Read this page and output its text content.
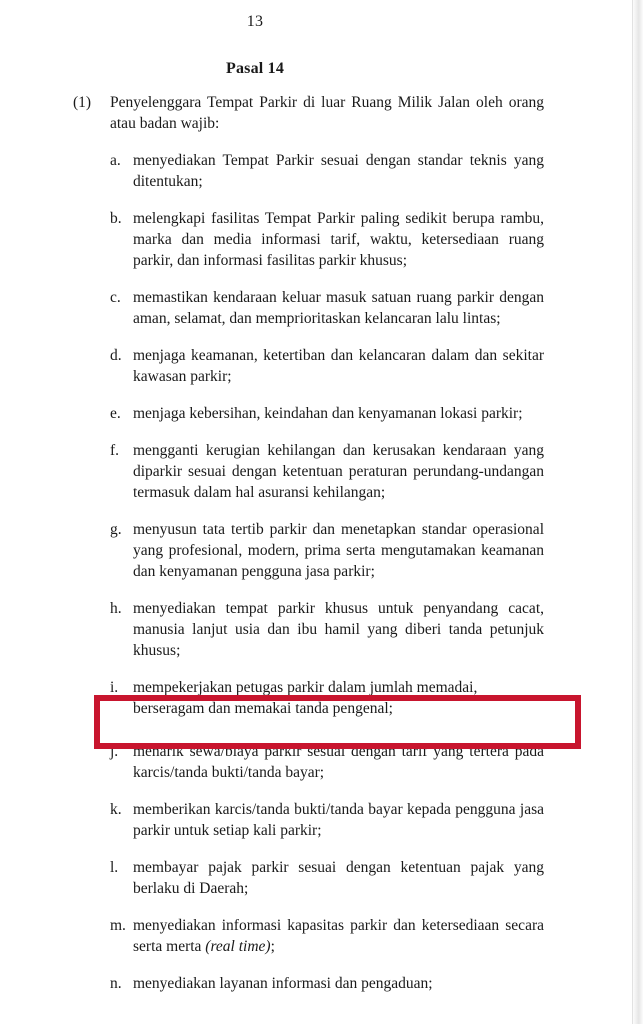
13
Pasal 14
(1)	Penyelenggara Tempat Parkir di luar Ruang Milik Jalan oleh orang atau badan wajib:
a. menyediakan Tempat Parkir sesuai dengan standar teknis yang ditentukan;
b. melengkapi fasilitas Tempat Parkir paling sedikit berupa rambu, marka dan media informasi tarif, waktu, ketersediaan ruang parkir, dan informasi fasilitas parkir khusus;
c. memastikan kendaraan keluar masuk satuan ruang parkir dengan aman, selamat, dan memprioritaskan kelancaran lalu lintas;
d. menjaga keamanan, ketertiban dan kelancaran dalam dan sekitar kawasan parkir;
e. menjaga kebersihan, keindahan dan kenyamanan lokasi parkir;
f. mengganti kerugian kehilangan dan kerusakan kendaraan yang diparkir sesuai dengan ketentuan peraturan perundang-undangan termasuk dalam hal asuransi kehilangan;
g. menyusun tata tertib parkir dan menetapkan standar operasional yang profesional, modern, prima serta mengutamakan keamanan dan kenyamanan pengguna jasa parkir;
h. menyediakan tempat parkir khusus untuk penyandang cacat, manusia lanjut usia dan ibu hamil yang diberi tanda petunjuk khusus;
i. mempekerjakan petugas parkir dalam jumlah memadai, berseragam dan memakai tanda pengenal;
j. menarik sewa/biaya parkir sesuai dengan tarif yang tertera pada karcis/tanda bukti/tanda bayar;
k. memberikan karcis/tanda bukti/tanda bayar kepada pengguna jasa parkir untuk setiap kali parkir;
l. membayar pajak parkir sesuai dengan ketentuan pajak yang berlaku di Daerah;
m. menyediakan informasi kapasitas parkir dan ketersediaan secara serta merta (real time);
n. menyediakan layanan informasi dan pengaduan;
